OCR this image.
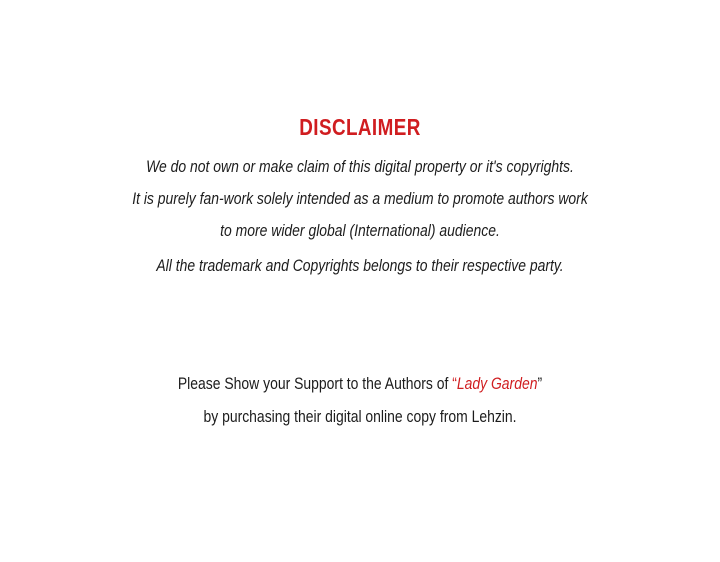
DISCLAIMER
We do not own or make claim of this digital property or it's copyrights.
It is purely fan-work solely intended as a medium to promote authors work
to more wider global (International) audience.
All the trademark and Copyrights belongs to their respective party.
Please Show your Support to the Authors of “Lady Garden”
by purchasing their digital online copy from Lehzin.
